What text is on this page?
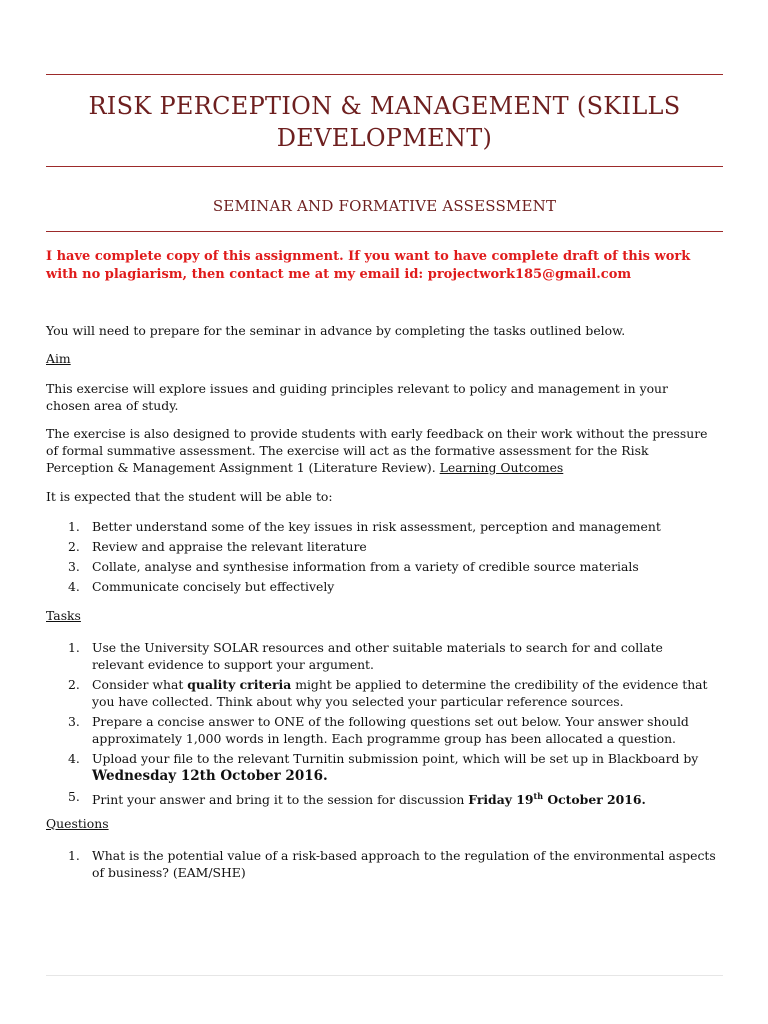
RISK PERCEPTION & MANAGEMENT (SKILLS DEVELOPMENT)
SEMINAR AND FORMATIVE ASSESSMENT
I have complete copy of this assignment. If you want to have complete draft of this work with no plagiarism, then contact me at my email id: projectwork185@gmail.com
You will need to prepare for the seminar in advance by completing the tasks outlined below.
Aim
This exercise will explore issues and guiding principles relevant to policy and management in your chosen area of study.
The exercise is also designed to provide students with early feedback on their work without the pressure of formal summative assessment. The exercise will act as the formative assessment for the Risk Perception & Management Assignment 1 (Literature Review). Learning Outcomes
It is expected that the student will be able to:
1. Better understand some of the key issues in risk assessment, perception and management
2. Review and appraise the relevant literature
3. Collate, analyse and synthesise information from a variety of credible source materials
4. Communicate concisely but effectively
Tasks
1. Use the University SOLAR resources and other suitable materials to search for and collate relevant evidence to support your argument.
2. Consider what quality criteria might be applied to determine the credibility of the evidence that you have collected. Think about why you selected your particular reference sources.
3. Prepare a concise answer to ONE of the following questions set out below. Your answer should approximately 1,000 words in length. Each programme group has been allocated a question.
4. Upload your file to the relevant Turnitin submission point, which will be set up in Blackboard by
Wednesday 12th October 2016.
5. Print your answer and bring it to the session for discussion Friday 19th October 2016.
Questions
1. What is the potential value of a risk-based approach to the regulation of the environmental aspects of business? (EAM/SHE)
